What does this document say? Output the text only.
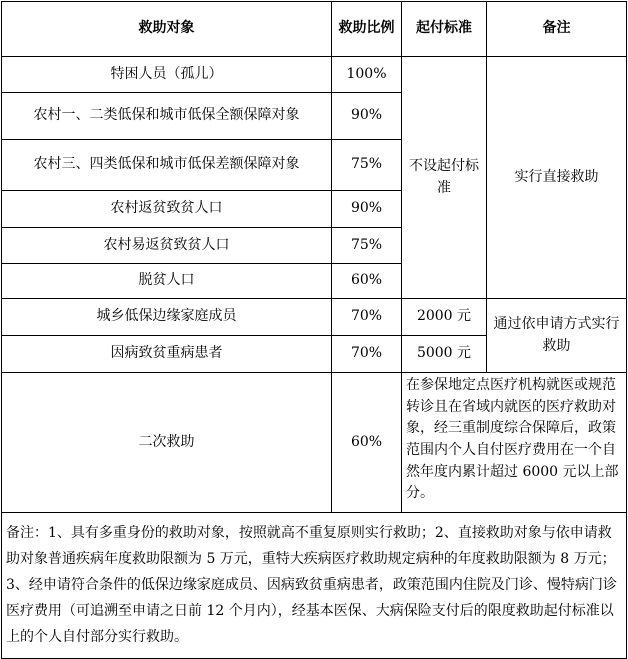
救助对象	救助比例	起付标准	备注
特困人员（孤儿）	100%	不设起付标准	实行直接救助
农村一、二类低保和城市低保全额保障对象	90%		
农村三、四类低保和城市低保差额保障对象	75%		
农村返贫致贫人口	90%		
农村易返贫致贫人口	75%		
脱贫人口	60%		
城乡低保边缘家庭成员	70%	2000 元	通过依申请方式实行救助
因病致贫重病患者	70%	5000 元	
二次救助	60%	在参保地定点医疗机构就医或规范转诊且在省域内就医的医疗救助对象，经三重制度综合保障后，政策范围内个人自付医疗费用在一个自然年度内累计超过 6000 元以上部分。	
备注：1、具有多重身份的救助对象，按照就高不重复原则实行救助；2、直接救助对象与依申请救助对象普通疾病年度救助限额为 5 万元，重特大疾病医疗救助规定病种的年度救助限额为 8 万元；3、经申请符合条件的低保边缘家庭成员、因病致贫重病患者，政策范围内住院及门诊、慢特病门诊医疗费用（可追溯至申请之日前 12 个月内），经基本医保、大病保险支付后的限度救助起付标准以上的个人自付部分实行救助。			
